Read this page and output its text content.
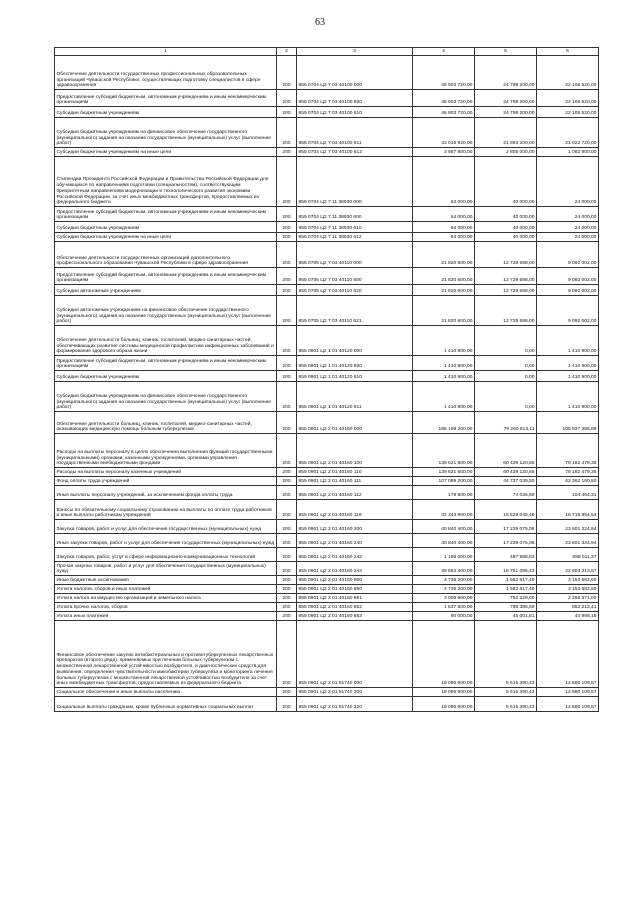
63
1	2	3	4	5	6
Обеспечение деятельности государственных профессиональных образовательных организаций Чувашской Республики, осуществляющих подготовку специалистов в сфере здравоохранения	200	855 0704 Ц2 7 03 40100 000	46 903 720,00	24 798 200,00	22 105 520,00
Предоставление субсидий бюджетным, автономным учреждениям и иным некоммерческим организациям	200	855 0704 Ц2 7 03 40100 600	46 903 720,00	24 798 200,00	22 105 520,00
Субсидии бюджетным учреждениям	200	855 0704 Ц2 7 03 40100 610	46 903 720,00	24 798 200,00	22 105 520,00
Субсидии бюджетным учреждениям на финансовое обеспечение государственного (муниципального) задания на оказание государственных (муниципальных) услуг (выполнение работ)	200	855 0704 Ц2 7 03 40100 611	43 015 920,00	21 993 200,00	21 022 720,00
Субсидии бюджетным учреждениям на иные цели	200	855 0704 Ц2 7 03 40100 612	3 887 800,00	2 805 000,00	1 082 800,00
Стипендии Президента Российской Федерации и Правительства Российской Федерации для обучающихся по направлениям подготовки (специальностям), соответствующим приоритетным направлениям модернизации и технологического развития экономики Российской Федерации, за счет иных межбюджетных трансфертов, предоставляемых из федерального бюджета	200	855 0704 Ц2 7 11 38930 000	64 000,00	40 000,00	24 000,00
Предоставление субсидий бюджетным, автономным учреждениям и иным некоммерческим организациям	200	855 0704 Ц2 7 11 38930 600	64 000,00	40 000,00	24 000,00
Субсидии бюджетным учреждениям	200	855 0704 Ц2 7 11 38930 610	64 000,00	40 000,00	24 000,00
Субсидии бюджетным учреждениям на иные цели	200	855 0704 Ц2 7 11 38930 612	64 000,00	40 000,00	24 000,00
Обеспечение деятельности государственных организаций дополнительного профессионального образования Чувашской Республики в сфере здравоохранения	200	855 0705 Ц2 7 03 40110 000	21 820 600,00	12 728 598,00	9 092 002,00
Предоставление субсидий бюджетным, автономным учреждениям и иным некоммерческим организациям	200	855 0705 Ц2 7 03 40110 600	21 820 600,00	12 728 598,00	9 092 002,00
Субсидии автономным учреждениям	200	855 0705 Ц2 7 03 40110 620	21 820 600,00	12 728 598,00	9 092 002,00
Субсидии автономным учреждениям на финансовое обеспечение государственного (муниципального) задания на оказание государственных (муниципальных) услуг (выполнение работ)	200	855 0705 Ц2 7 03 40110 621	21 820 600,00	12 728 598,00	9 092 002,00
Обеспечение деятельности больниц, клиник, госпиталей, медико-санитарных частей, обеспечивающих развитие системы медицинской профилактики инфекционных заболеваний и формирование здорового образа жизни	200	855 0901 Ц2 1 01 40120 000	1 410 900,00	0,00	1 410 900,00
Предоставление субсидий бюджетным, автономным учреждениям и иным некоммерческим организациям	200	855 0901 Ц2 1 01 40120 600	1 410 900,00	0,00	1 410 900,00
Субсидии бюджетным учреждениям	200	855 0901 Ц2 1 01 40120 610	1 410 900,00	0,00	1 410 900,00
Субсидии бюджетным учреждениям на финансовое обеспечение государственного (муниципального) задания на оказание государственных (муниципальных) услуг (выполнение работ)	200	855 0901 Ц2 1 01 40120 611	1 410 900,00	0,00	1 410 900,00
Обеспечение деятельности больниц, клиник, госпиталей, медико-санитарных частей, оказывающих медицинскую помощь больным туберкулезом	200	855 0901 Ц2 2 01 40160 000	185 198 200,00	79 260 813,11	105 937 386,89
Расходы на выплаты персоналу в целях обеспечения выполнения функций государственными (муниципальными) органами, казенными учреждениями, органами управления государственными внебюджетными фондами	200	855 0901 Ц2 2 01 40160 100	139 621 600,00	60 439 120,65	79 182 479,35
Расходы на выплаты персоналу казенных учреждений	200	855 0901 Ц2 2 01 40160 110	139 621 600,00	60 439 120,65	79 182 479,35
Фонд оплаты труда учреждений	200	855 0901 Ц2 2 01 40160 111	107 099 200,00	44 737 039,50	62 362 160,50
Иные выплаты персоналу учреждений, за исключением фонда оплаты труда	200	855 0901 Ц2 2 01 40160 112	178 500,00	74 035,69	104 464,31
Взносы по обязательному социальному страхованию на выплаты по оплате труда работников и иные выплаты работникам учреждений	200	855 0901 Ц2 2 01 40160 119	32 343 900,00	15 628 045,46	16 715 854,54
Закупка товаров, работ и услуг для обеспечения государственных (муниципальных) нужд	200	855 0901 Ц2 2 01 40160 200	40 840 400,00	17 239 075,06	23 601 324,94
Иные закупки товаров, работ и услуг для обеспечения государственных (муниципальных) нужд	200	855 0901 Ц2 2 01 40160 240	40 840 400,00	17 239 075,06	23 601 324,94
Закупка товаров, работ, услуг в сфере информационно-коммуникационных технологий	200	855 0901 Ц2 2 01 40160 242	1 186 000,00	487 988,63	698 011,37
Прочая закупка товаров, работ и услуг для обеспечения государственных (муниципальных) нужд	200	855 0901 Ц2 2 01 40160 244	39 654 400,00	16 751 086,43	22 903 313,57
Иные бюджетные ассигнования	200	855 0901 Ц2 2 01 40160 800	4 736 200,00	1 582 617,40	3 153 582,60
Уплата налогов, сборов и иных платежей	200	855 0901 Ц2 2 01 40160 850	4 736 200,00	1 582 617,40	3 153 582,60
Уплата налога на имущество организаций и земельного налога	200	855 0901 Ц2 2 01 40160 851	3 008 600,00	752 229,00	2 256 371,00
Уплата прочих налогов, сборов	200	855 0901 Ц2 2 01 40160 852	1 637 600,00	785 386,59	852 213,41
Уплата иных платежей	200	855 0901 Ц2 2 01 40160 853	90 000,00	45 001,81	44 998,19
Финансовое обеспечение закупок антибактериальных и противотуберкулезных лекарственных препаратов (второго ряда), применяемых при лечении больных туберкулезом с множественной лекарственной устойчивостью возбудителя, и диагностических средств для выявления, определения чувствительности микобактерии туберкулеза и мониторинга лечения больных туберкулезом с множественной лекарственной устойчивостью возбудителя за счет иных межбюджетных трансфертов, предоставляемых из федерального бюджета	200	855 0901 Ц2 2 01 51740 000	18 096 500,00	5 515 390,43	12 580 109,57
Социальное обеспечение и иные выплаты населению	200	855 0901 Ц2 2 01 51740 300	18 096 500,00	5 515 390,43	12 580 109,57
Социальные выплаты гражданам, кроме публичных нормативных социальных выплат	200	855 0901 Ц2 2 01 51740 320	18 096 500,00	5 515 390,43	12 580 109,57
